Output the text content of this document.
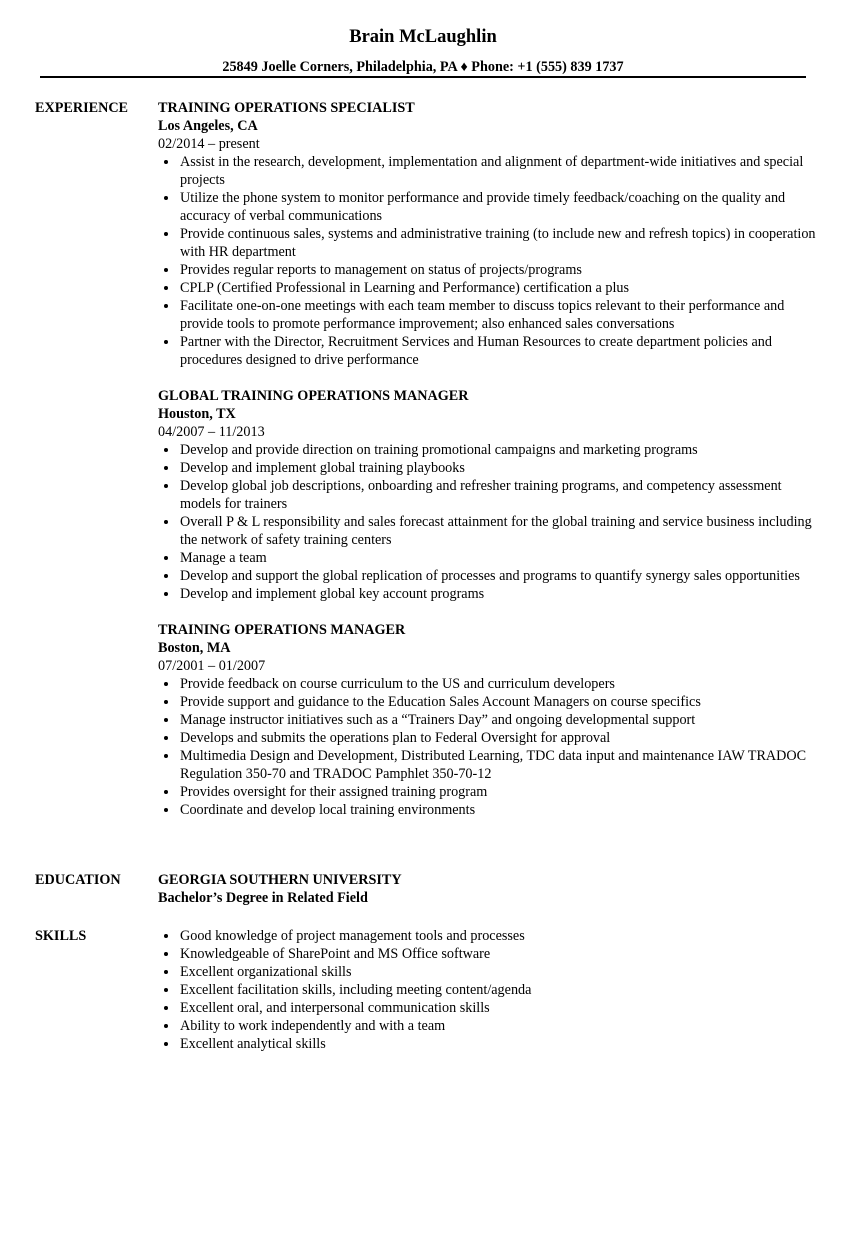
Brain McLaughlin
25849 Joelle Corners, Philadelphia, PA ♦ Phone: +1 (555) 839 1737
EXPERIENCE TRAINING OPERATIONS SPECIALIST
Los Angeles, CA
02/2014 – present
Assist in the research, development, implementation and alignment of department-wide initiatives and special projects
Utilize the phone system to monitor performance and provide timely feedback/coaching on the quality and accuracy of verbal communications
Provide continuous sales, systems and administrative training (to include new and refresh topics) in cooperation with HR department
Provides regular reports to management on status of projects/programs
CPLP (Certified Professional in Learning and Performance) certification a plus
Facilitate one-on-one meetings with each team member to discuss topics relevant to their performance and provide tools to promote performance improvement; also enhanced sales conversations
Partner with the Director, Recruitment Services and Human Resources to create department policies and procedures designed to drive performance
GLOBAL TRAINING OPERATIONS MANAGER
Houston, TX
04/2007 – 11/2013
Develop and provide direction on training promotional campaigns and marketing programs
Develop and implement global training playbooks
Develop global job descriptions, onboarding and refresher training programs, and competency assessment models for trainers
Overall P & L responsibility and sales forecast attainment for the global training and service business including the network of safety training centers
Manage a team
Develop and support the global replication of processes and programs to quantify synergy sales opportunities
Develop and implement global key account programs
TRAINING OPERATIONS MANAGER
Boston, MA
07/2001 – 01/2007
Provide feedback on course curriculum to the US and curriculum developers
Provide support and guidance to the Education Sales Account Managers on course specifics
Manage instructor initiatives such as a “Trainers Day” and ongoing developmental support
Develops and submits the operations plan to Federal Oversight for approval
Multimedia Design and Development, Distributed Learning, TDC data input and maintenance IAW TRADOC Regulation 350-70 and TRADOC Pamphlet 350-70-12
Provides oversight for their assigned training program
Coordinate and develop local training environments
EDUCATION	GEORGIA SOUTHERN UNIVERSITY
Bachelor’s Degree in Related Field
SKILLS	Good knowledge of project management tools and processes
Knowledgeable of SharePoint and MS Office software
Excellent organizational skills
Excellent facilitation skills, including meeting content/agenda
Excellent oral, and interpersonal communication skills
Ability to work independently and with a team
Excellent analytical skills
